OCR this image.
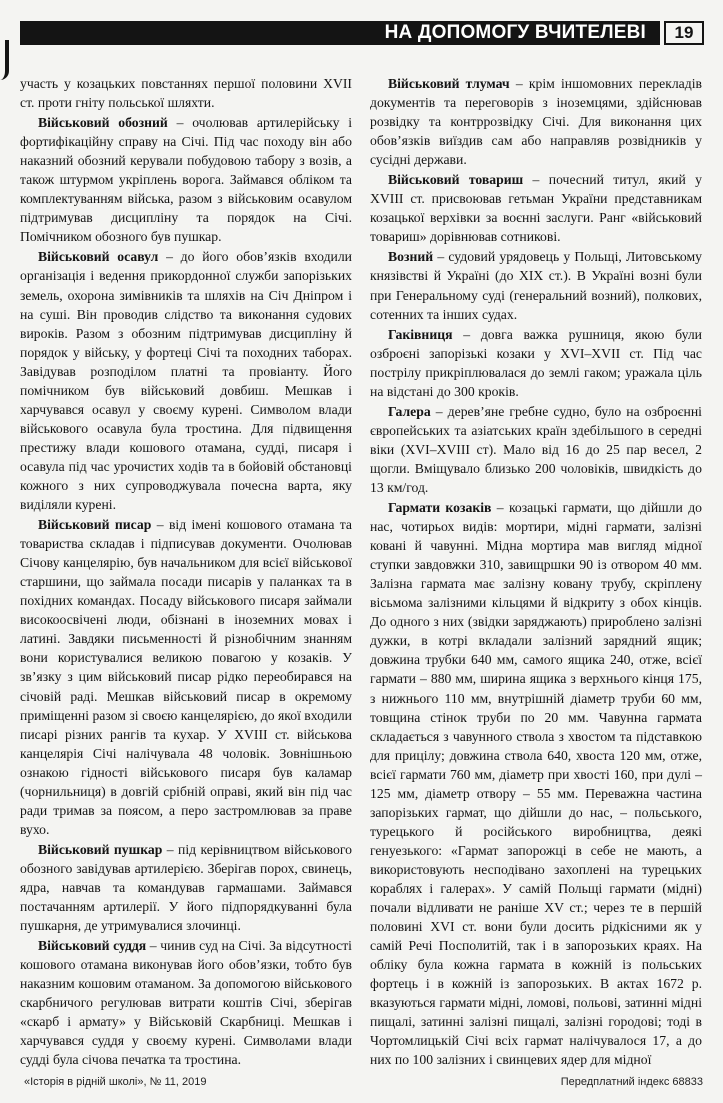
НА ДОПОМОГУ ВЧИТЕЛЕВІ	19

участь у козацьких повстаннях першої половини XVII ст. проти гніту польської шляхти.

Військовий обозний – очолював артилерійську і фортифікаційну справу на Січі. Під час походу він або наказний обозний керували побудовою табору з возів, а також штурмом укріплень ворога. Займався обліком та комплектуванням війська, разом з військовим осавулом підтримував дисципліну та порядок на Січі. Помічником обозного був пушкар.

Військовий осавул – до його обов’язків входили організація і ведення прикордонної служби запорізьких земель, охорона зимівників та шляхів на Січ Дніпром і на суші. Він проводив слідство та виконання судових вироків. Разом з обозним підтримував дисципліну й порядок у війську, у фортеці Січі та походних таборах. Завідував розподілом платні та провіанту. Його помічником був військовий довбиш. Мешкав і харчувався осавул у своєму курені. Символом влади військового осавула була тростина. Для підвищення престижу влади кошового отамана, судді, писаря і осавула під час урочистих ходів та в бойовій обстановці кожного з них супроводжувала почесна варта, яку виділяли курені.

Військовий писар – від імені кошового отамана та товариства складав і підписував документи. Очолював Січову канцелярію, був начальником для всієї військової старшини, що займала посади писарів у паланках та в похідних командах. Посаду військового писаря займали високоосвічені люди, обізнані в іноземних мовах і латині. Завдяки письменності й різнобічним знанням вони користувалися великою повагою у козаків. У зв’язку з цим військовий писар рідко переобирався на січовій раді. Мешкав військовий писар в окремому приміщенні разом зі своєю канцелярією, до якої входили писарі різних рангів та кухар. У XVIII ст. військова канцелярія Січі налічувала 48 чоловік. Зовнішньою ознакою гідності військового писаря був каламар (чорнильниця) в довгій срібній оправі, який він під час ради тримав за поясом, а перо застромлював за праве вухо.

Військовий пушкар – під керівництвом військового обозного завідував артилерією. Зберігав порох, свинець, ядра, навчав та командував гармашами. Займався постачанням артилерії. У його підпорядкуванні була пушкарня, де утримувалися злочинці.

Військовий суддя – чинив суд на Січі. За відсутності кошового отамана виконував його обов’язки, тобто був наказним кошовим отаманом. За допомогою військового скарбничого регулював витрати коштів Січі, зберігав «скарб і армату» у Військовій Скарбниці. Мешкав і харчувався суддя у своєму курені. Символами влади судді була січова печатка та тростина.

Військовий тлумач – крім іншомовних перекладів документів та переговорів з іноземцями, здійснював розвідку та контррозвідку Січі. Для виконання цих обов’язків виїздив сам або направляв розвідників у сусідні держави.

Військовий товариш – почесний титул, який у XVIII ст. присвоював гетьман України представникам козацької верхівки за воєнні заслуги. Ранг «військовий товариш» дорівнював сотникові.

Возний – судовий урядовець у Польщі, Литовському князівстві й Україні (до XIX ст.). В Україні возні були при Генеральному суді (генеральний возний), полкових, сотенних та інших судах.

Гаківниця – довга важка рушниця, якою були озброєні запорізькі козаки у XVI–XVII ст. Під час пострілу прикріплювалася до землі гаком; уражала ціль на відстані до 300 кроків.

Галера – дерев’яне гребне судно, було на озброєнні європейських та азіатських країн здебільшого в середні віки (XVI–XVIII ст). Мало від 16 до 25 пар весел, 2 щогли. Вміщувало близько 200 чоловіків, швидкість до 13 км/год.

Гармати козаків – козацькі гармати, що дійшли до нас, чотирьох видів: мортири, мідні гармати, залізні ковані й чавунні. Мідна мортира мав вигляд мідної ступки завдовжки 310, завищршки 90 із отвором 40 мм. Залізна гармата має залізну ковану трубу, скріплену вісьмома залізними кільцями й відкриту з обох кінців. До одного з них (звідки заряджають) приробленo залізні дужки, в котрі вкладали залізний зарядний ящик; довжина трубки 640 мм, самого ящика 240, отже, всієї гармати – 880 мм, ширина ящика з верхнього кінця 175, з нижнього 110 мм, внутрішній діаметр труби 60 мм, товщина стінок труби по 20 мм. Чавунна гармата складається з чавунного ствола з хвостом та підставкою для прицілу; довжина ствола 640, хвоста 120 мм, отже, всієї гармати 760 мм, діаметр при хвості 160, при дулі – 125 мм, діаметр отвору – 55 мм. Переважна частина запорізьких гармат, що дійшли до нас, – польського, турецького й російського виробництва, деякі генуезького: «Гармат запорожці в себе не мають, а використовують несподівано захоплені на турецьких кораблях і галерах». У самій Польщі гармати (мідні) почали відливати не раніше XV ст.; через те в першій половині XVI ст. вони були досить рідкісними як у самій Речі Посполитій, так і в запорозьких краях. На обліку була кожна гармата в кожній із польських фортець і в кожній із запорозьких. В актах 1672 р. вказуються гармати мідні, ломові, польові, затинні мідні пищалі, затинні залізні пищалі, залізні городові; тоді в Чортомлицькій Січі всіх гармат налічувалося 17, а до них по 100 залізних і свинцевих ядер для мідної

«Історія в рідній школі», № 11, 2019	Передплатний індекс 68833
